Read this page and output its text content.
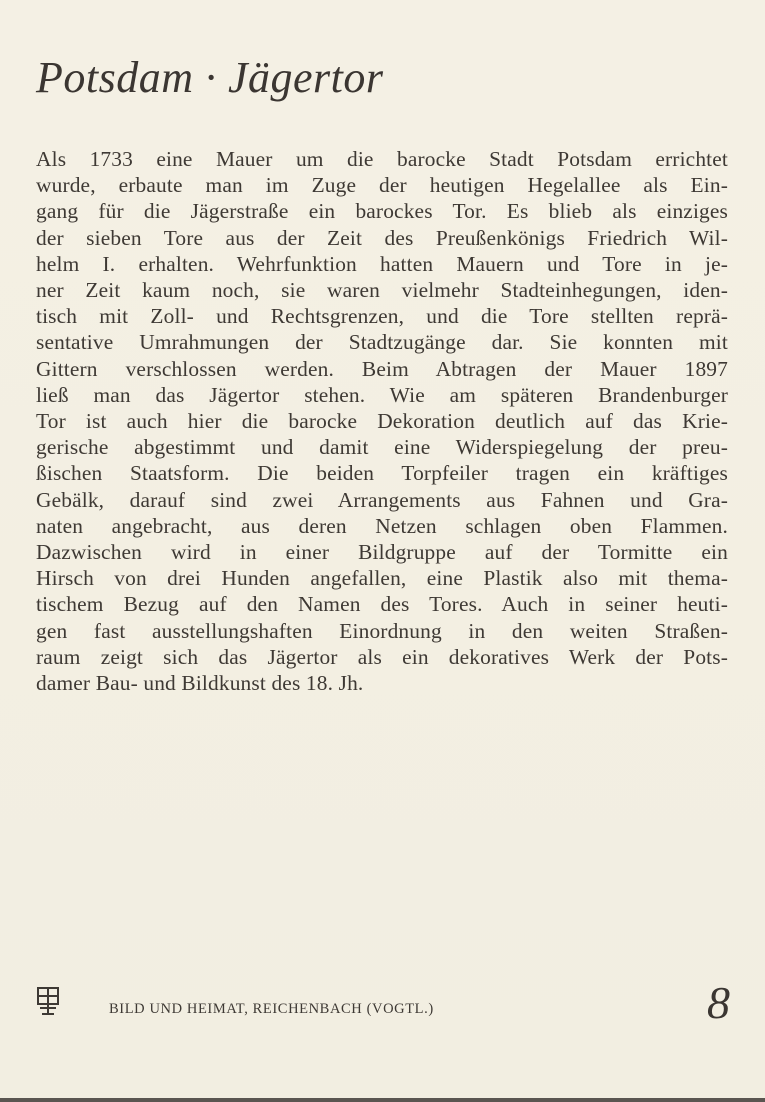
Potsdam · Jägertor
Als 1733 eine Mauer um die barocke Stadt Potsdam errichtet
wurde, erbaute man im Zuge der heutigen Hegelallee als Ein-
gang für die Jägerstraße ein barockes Tor. Es blieb als einziges
der sieben Tore aus der Zeit des Preußenkönigs Friedrich Wil-
helm I. erhalten. Wehrfunktion hatten Mauern und Tore in je-
ner Zeit kaum noch, sie waren vielmehr Stadteinhegungen, iden-
tisch mit Zoll- und Rechtsgrenzen, und die Tore stellten reprä-
sentative Umrahmungen der Stadtzugänge dar. Sie konnten mit
Gittern verschlossen werden. Beim Abtragen der Mauer 1897
ließ man das Jägertor stehen. Wie am späteren Brandenburger
Tor ist auch hier die barocke Dekoration deutlich auf das Krie-
gerische abgestimmt und damit eine Widerspiegelung der preu-
ßischen Staatsform. Die beiden Torpfeiler tragen ein kräftiges
Gebälk, darauf sind zwei Arrangements aus Fahnen und Gra-
naten angebracht, aus deren Netzen schlagen oben Flammen.
Dazwischen wird in einer Bildgruppe auf der Tormitte ein
Hirsch von drei Hunden angefallen, eine Plastik also mit thema-
tischem Bezug auf den Namen des Tores. Auch in seiner heuti-
gen fast ausstellungshaften Einordnung in den weiten Straßen-
raum zeigt sich das Jägertor als ein dekoratives Werk der Pots-
damer Bau- und Bildkunst des 18. Jh.
BILD UND HEIMAT, REICHENBACH (VOGTL.)	8
